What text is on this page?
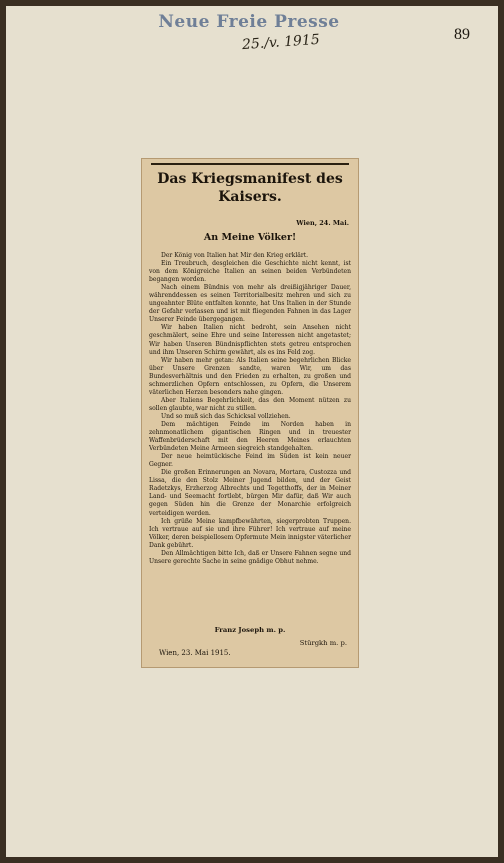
Neue Freie Presse
25./v. 1915	89
Das Kriegsmanifest des
Kaisers.
Wien, 24. Mai.
An Meine Völker!

Der König von Italien hat Mir den Krieg erklärt.

Ein Treubruch, desgleichen die Geschichte nicht kennt, ist von dem Königreiche Italien an seinen beiden Verbündeten begangen worden.

Nach einem Bündnis von mehr als dreißigjähriger Dauer, währenddessen es seinen Territorialbesitz mehren und sich zu ungeahnter Blüte entfalten konnte, hat Uns Italien in der Stunde der Gefahr verlassen und ist mit fliegenden Fahnen in das Lager Unserer Feinde übergegangen.

Wir haben Italien nicht bedroht, sein Ansehen nicht geschmälert, seine Ehre und seine Interessen nicht angetastet; Wir haben Unseren Bündnispflichten stets getreu entsprochen und ihm Unseren Schirm gewährt, als es ins Feld zog.

Wir haben mehr getan: Als Italien seine begehrlichen Blicke über Unsere Grenzen sandte, waren Wir, um das Bundesverhältnis und den Frieden zu erhalten, zu großen und schmerzlichen Opfern entschlossen, zu Opfern, die Unserem väterlichen Herzen besonders nahe gingen.

Aber Italiens Begehrlichkeit, das den Moment nützen zu sollen glaubte, war nicht zu stillen.

Und so muß sich das Schicksal vollziehen.

Dem mächtigen Feinde im Norden haben in zehnmonatlichem gigantischen Ringen und in treuester Waffenbrüderschaft mit den Heeren Meines erlauchten Verbündeten Meine Armeen siegreich standgehalten.

Der neue heimtückische Feind im Süden ist kein neuer Gegner.

Die großen Erinnerungen an Novara, Mortara, Custozza und Lissa, die den Stolz Meiner Jugend bilden, und der Geist Radetzkys, Erzherzog Albrechts und Tegetthoffs, der in Meiner Land- und Seemacht fortlebt, bürgen Mir dafür, daß Wir auch gegen Süden hin die Grenze der Monarchie erfolgreich verteidigen werden.

Ich grüße Meine kampfbewährten, siegerprobten Truppen. Ich vertraue auf sie und ihre Führer! Ich vertraue auf meine Völker, deren beispiellosem Opfermute Mein innigster väterlicher Dank gebührt.

Den Allmächtigen bitte Ich, daß er Unsere Fahnen segne und Unsere gerechte Sache in seine gnädige Obhut nehme.

Franz Joseph m. p.
Stürgkh m. p.
Wien, 23. Mai 1915.
